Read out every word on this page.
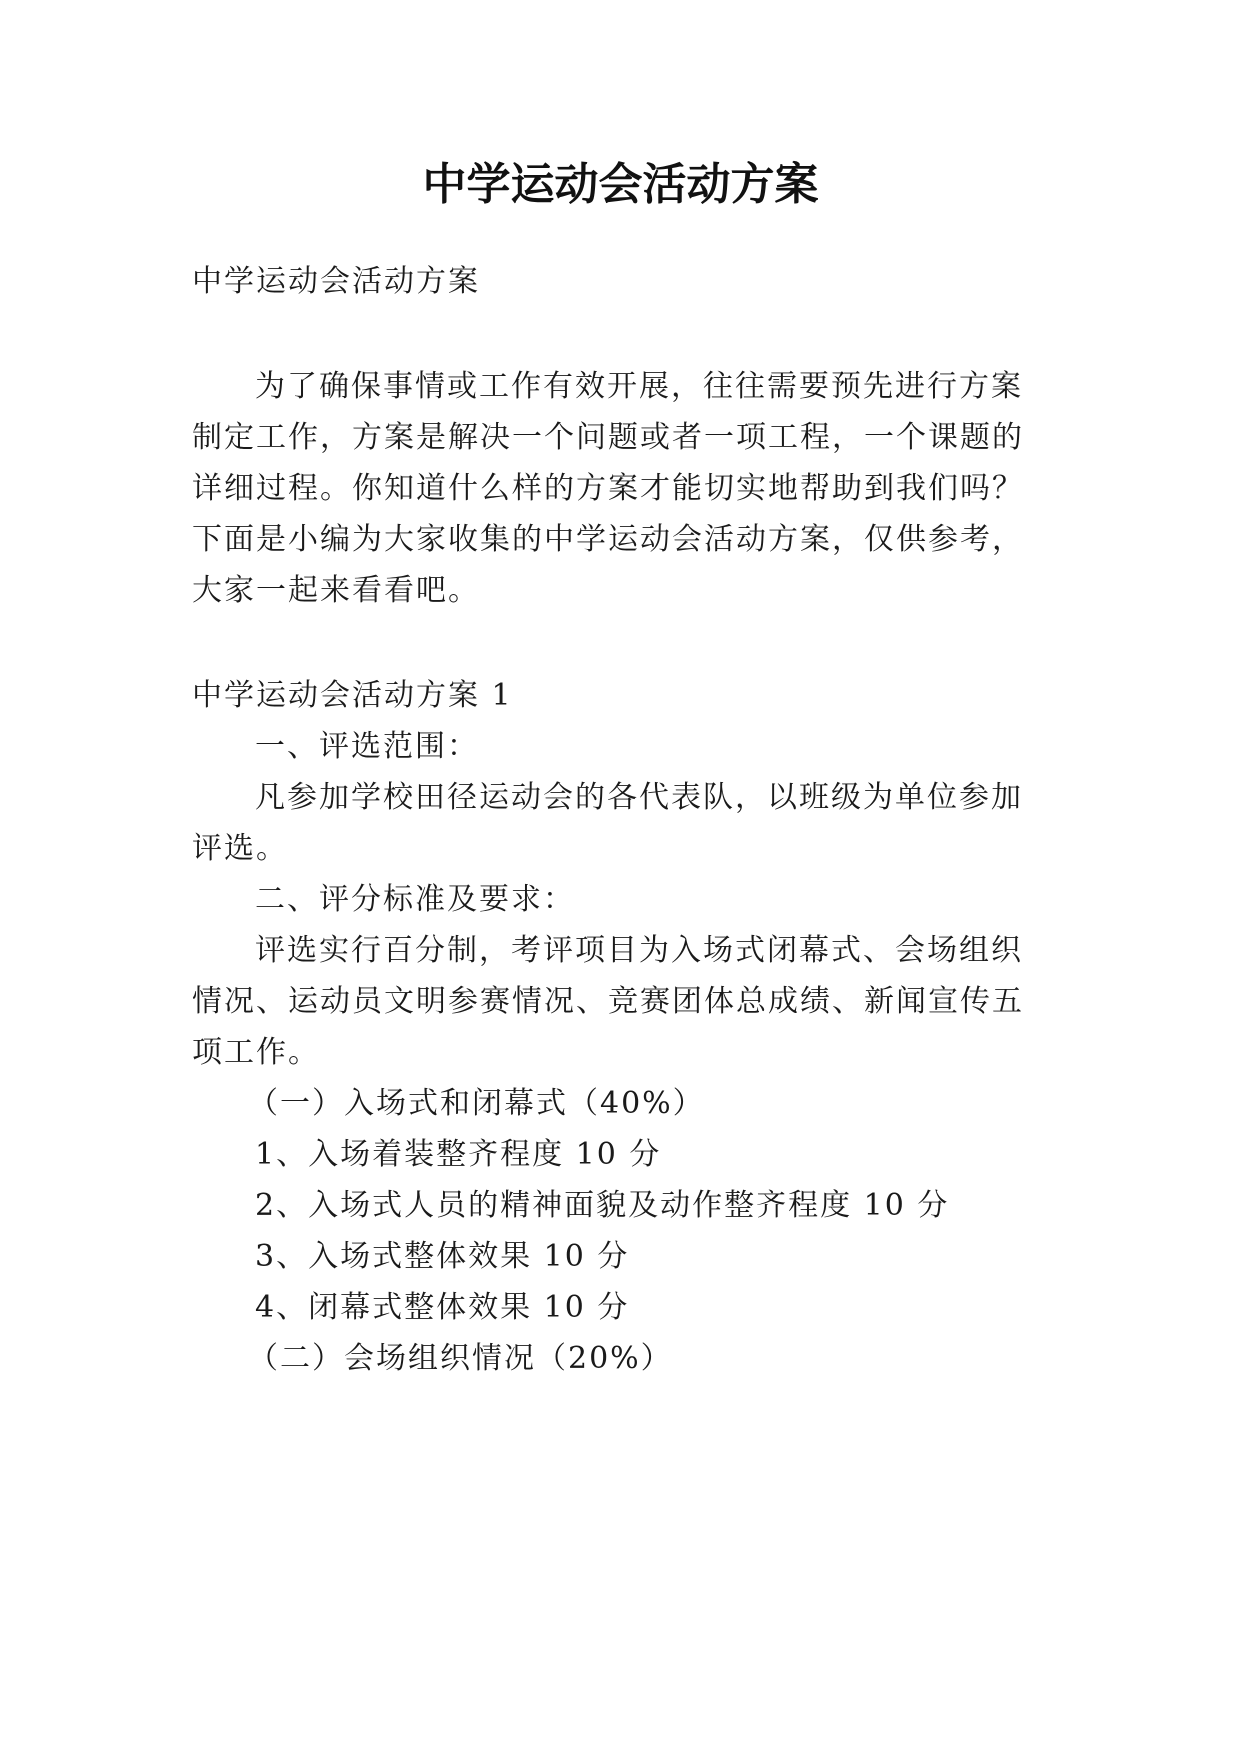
中学运动会活动方案
中学运动会活动方案
为了确保事情或工作有效开展，往往需要预先进行方案
制定工作，方案是解决一个问题或者一项工程，一个课题的
详细过程。你知道什么样的方案才能切实地帮助到我们吗？
下面是小编为大家收集的中学运动会活动方案，仅供参考，
大家一起来看看吧。
中学运动会活动方案 1
一、评选范围：
凡参加学校田径运动会的各代表队，以班级为单位参加
评选。
二、评分标准及要求：
评选实行百分制，考评项目为入场式闭幕式、会场组织
情况、运动员文明参赛情况、竞赛团体总成绩、新闻宣传五
项工作。
（一）入场式和闭幕式（40%）
1、入场着装整齐程度 10 分
2、入场式人员的精神面貌及动作整齐程度 10 分
3、入场式整体效果 10 分
4、闭幕式整体效果 10 分
（二）会场组织情况（20%）
